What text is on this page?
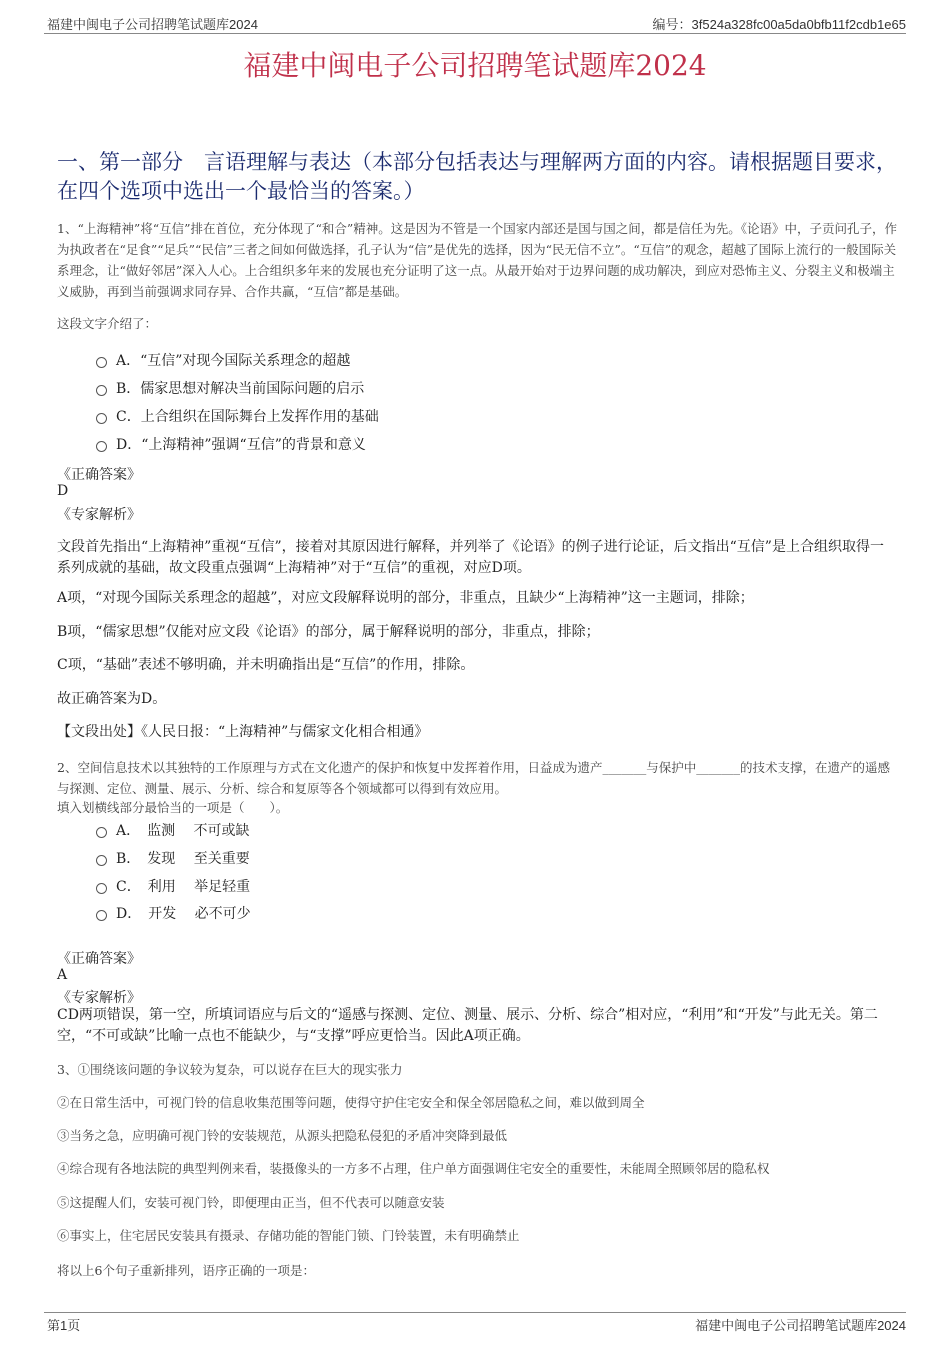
福建中闽电子公司招聘笔试题库2024	编号：3f524a328fc00a5da0bfb11f2cdb1e65
福建中闽电子公司招聘笔试题库2024
一、第一部分　言语理解与表达（本部分包括表达与理解两方面的内容。请根据题目要求，在四个选项中选出一个最恰当的答案。）
1、“上海精神”将“互信”排在首位，充分体现了“和合”精神。这是因为不管是一个国家内部还是国与国之间，都是信任为先。《论语》中，子贡问孔子，作为执政者在“足食”“足兵”“民信”三者之间如何做选择，孔子认为“信”是优先的选择，因为“民无信不立”。“互信”的观念，超越了国际上流行的一般国际关系理念，让“做好邻居”深入人心。上合组织多年来的发展也充分证明了这一点。从最开始对于边界问题的成功解决，到应对恐怖主义、分裂主义和极端主义威胁，再到当前强调求同存异、合作共赢，“互信”都是基础。
这段文字介绍了：
A．“互信”对现今国际关系理念的超越
B．儒家思想对解决当前国际问题的启示
C．上合组织在国际舞台上发挥作用的基础
D．“上海精神”强调“互信”的背景和意义
《正确答案》
D
《专家解析》
文段首先指出“上海精神”重视“互信”，接着对其原因进行解释，并列举了《论语》的例子进行论证，后文指出“互信”是上合组织取得一系列成就的基础，故文段重点强调“上海精神”对于“互信”的重视，对应D项。
A项，“对现今国际关系理念的超越”，对应文段解释说明的部分，非重点，且缺少“上海精神”这一主题词，排除；
B项，“儒家思想”仅能对应文段《论语》的部分，属于解释说明的部分，非重点，排除；
C项，“基础”表述不够明确，并未明确指出是“互信”的作用，排除。
故正确答案为D。
【文段出处】《人民日报：“上海精神”与儒家文化相合相通》
2、空间信息技术以其独特的工作原理与方式在文化遗产的保护和恢复中发挥着作用，日益成为遗产_______与保护中_______的技术支撑，在遗产的遥感与探测、定位、测量、展示、分析、综合和复原等各个领域都可以得到有效应用。
填入划横线部分最恰当的一项是（　　）。
A．　监测　 不可或缺
B．　发现　 至关重要
C．　利用　 举足轻重
D．　开发　 必不可少
《正确答案》
A
《专家解析》
CD两项错误，第一空，所填词语应与后文的“遥感与探测、定位、测量、展示、分析、综合”相对应，“利用”和“开发”与此无关。第二空，“不可或缺”比喻一点也不能缺少，与“支撑”呼应更恰当。因此A项正确。
3、①围绕该问题的争议较为复杂，可以说存在巨大的现实张力
②在日常生活中，可视门铃的信息收集范围等问题，使得守护住宅安全和保全邻居隐私之间，难以做到周全
③当务之急，应明确可视门铃的安装规范，从源头把隐私侵犯的矛盾冲突降到最低
④综合现有各地法院的典型判例来看，装摄像头的一方多不占理，住户单方面强调住宅安全的重要性，未能周全照顾邻居的隐私权
⑤这提醒人们，安装可视门铃，即便理由正当，但不代表可以随意安装
⑥事实上，住宅居民安装具有摄录、存储功能的智能门锁、门铃装置，未有明确禁止
将以上6个句子重新排列，语序正确的一项是：
第1页	福建中闽电子公司招聘笔试题库2024
